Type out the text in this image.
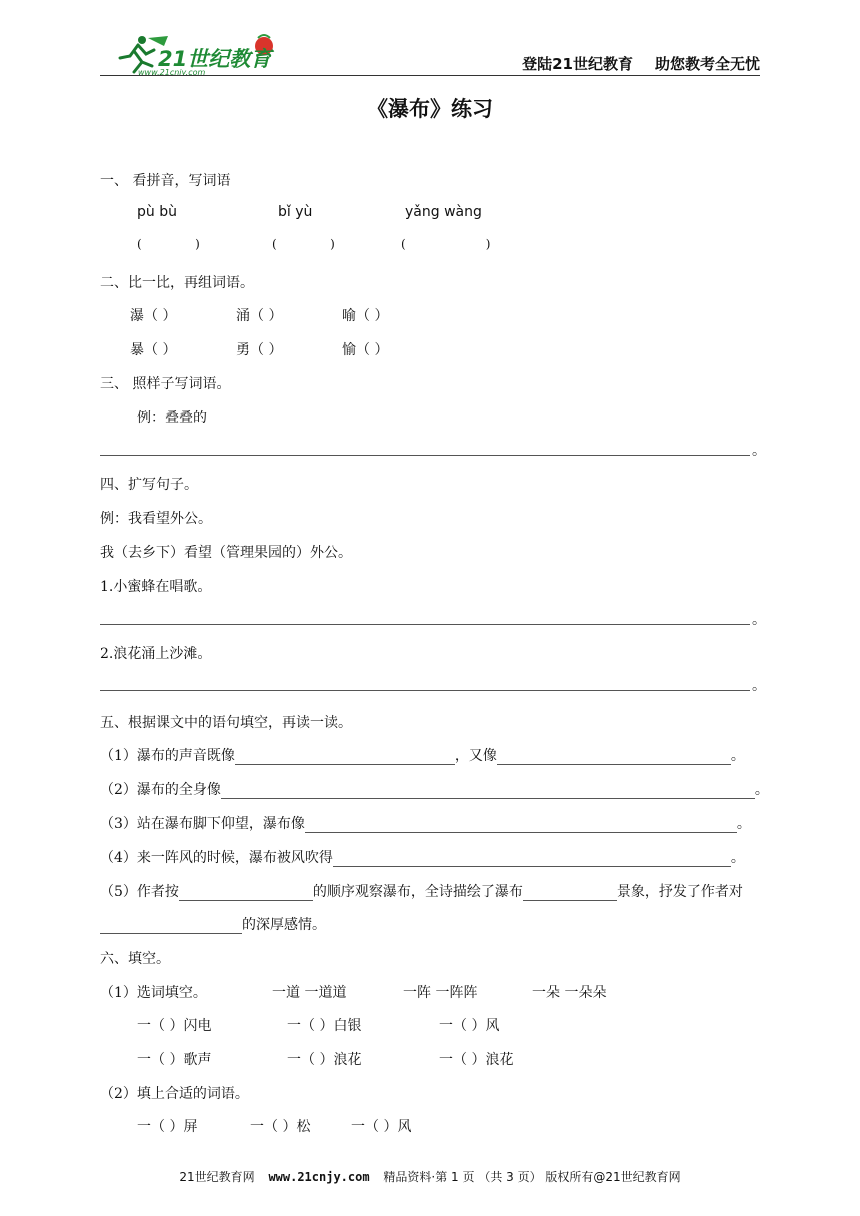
21世纪教育
www.21cnjy.com	登陆21世纪教育 助您教考全无忧
《瀑布》练习
一、 看拼音，写词语
pù bù	bǐ yù	yǎng wàng
(              )	(              )	(                     )
二、比一比，再组词语。
瀑（ ）	涌（ ）	喻（ ）
暴（ ）	勇（ ）	愉（ ）
三、 照样子写词语。
例：叠叠的
。
四、扩写句子。
例：我看望外公。
我（去乡下）看望（管理果园的）外公。
1.小蜜蜂在唱歌。
。
2.浪花涌上沙滩。
。
五、根据课文中的语句填空，再读一读。
（1）瀑布的声音既像	，又像	。
（2）瀑布的全身像	。
（3）站在瀑布脚下仰望，瀑布像	。
（4）来一阵风的时候，瀑布被风吹得	。
（5）作者按	的顺序观察瀑布，全诗描绘了瀑布	景象，抒发了作者对
的深厚感情。
六、填空。
（1）选词填空。	一道 一道道	一阵 一阵阵	一朵 一朵朵
一（ ）闪电	一（ ）白银	一（ ）风
一（ ）歌声	一（ ）浪花	一（ ）浪花
（2）填上合适的词语。
一（ ）屏	一（ ）松	一（ ）风
21世纪教育网 www.21cnjy.com 精品资料·第 1 页 （共 3 页） 版权所有@21世纪教育网
